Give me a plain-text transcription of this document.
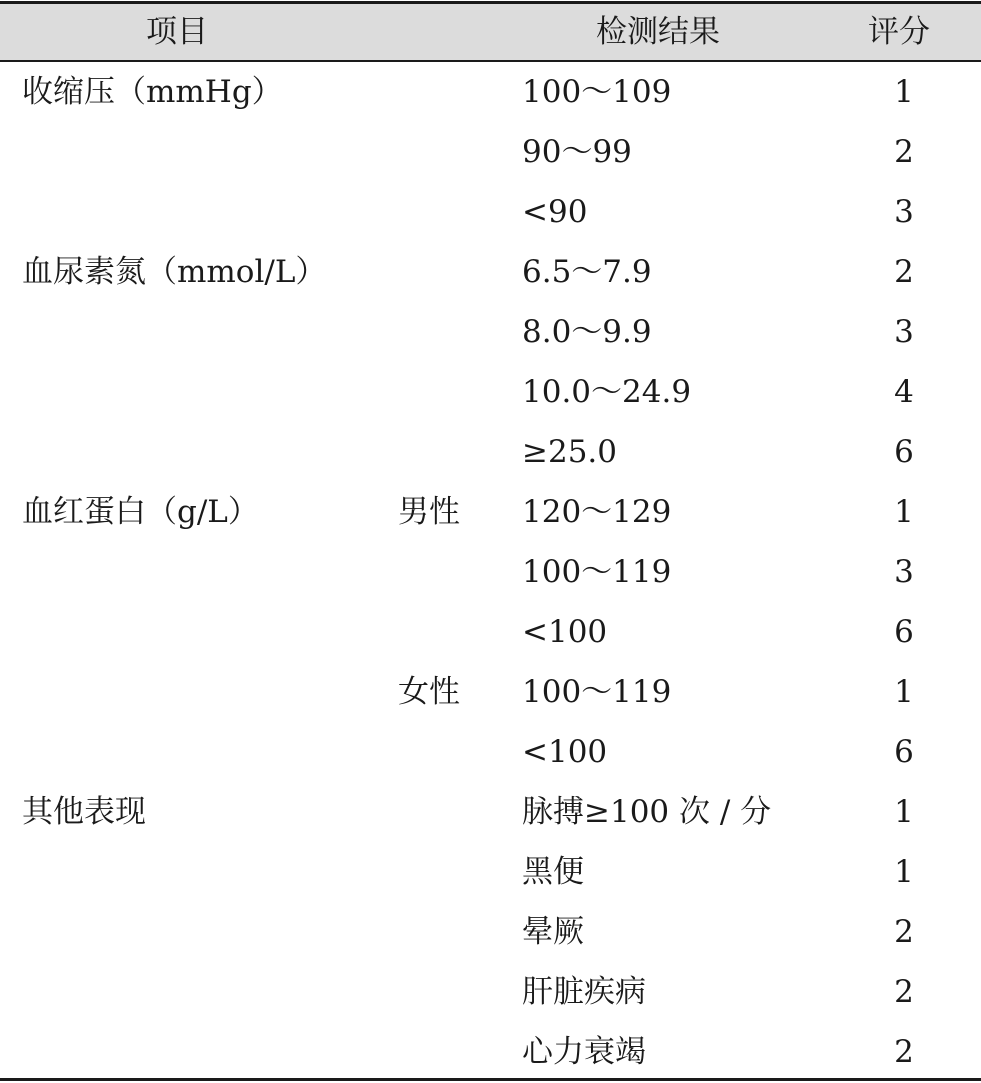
项目	检测结果	评分
收缩压（mmHg）	100～109	1
90～99	2
<90	3
血尿素氮（mmol/L）	6.5～7.9	2
8.0～9.9	3
10.0～24.9	4
≥25.0	6
血红蛋白（g/L）	男性 120～129	1
100～119	3
<100	6
女性 100～119	1
<100	6
其他表现	脉搏≥100 次 / 分	1
黑便	1
晕厥	2
肝脏疾病	2
心力衰竭	2
